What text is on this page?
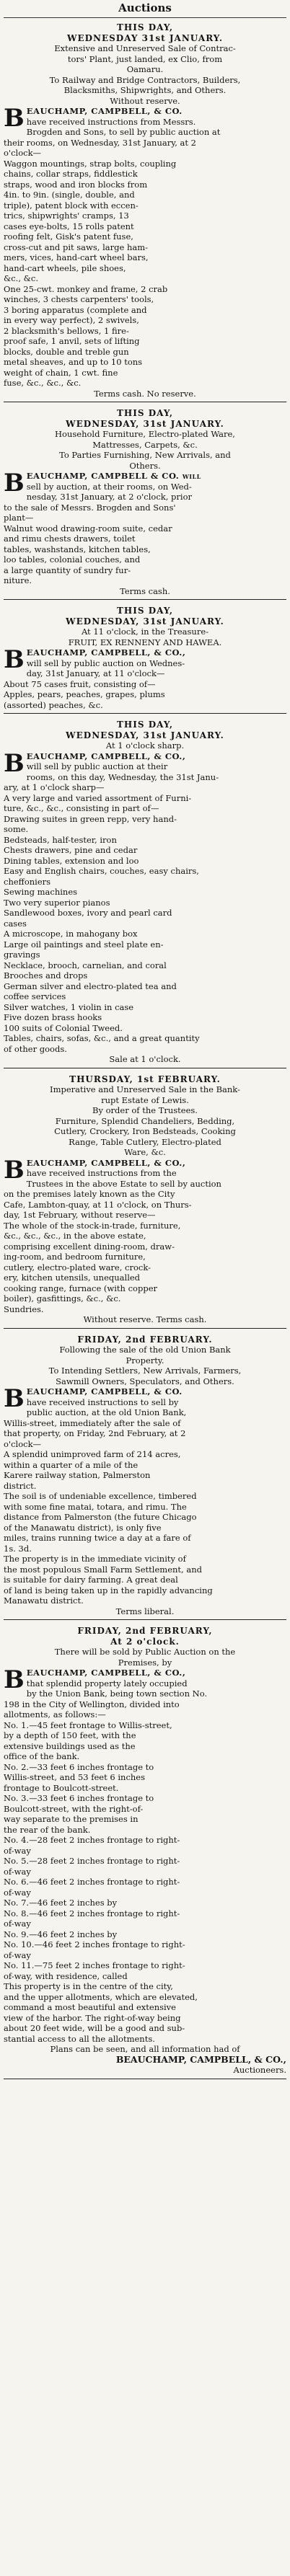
Auctions
THIS DAY,
WEDNESDAY 31st JANUARY.
Extensive and Unreserved Sale of Contrac-
tors' Plant, just landed, ex Clio, from
Oamaru.
To Railway and Bridge Contractors, Builders,
Blacksmiths, Shipwrights, and Others.
Without reserve.
B EAUCHAMP, CAMPBELL, & CO.
have received instructions from Messrs.
Brogden and Sons, to sell by public auction at
their rooms, on Wednesday, 31st January, at 2
o'clock—
Waggon mountings, strap bolts, coupling
chains, collar straps, fiddlestick
straps, wood and iron blocks from
4in. to 9in. (single, double, and
triple), patent block with eccen-
trics, shipwrights' cramps, 13
cases eye-bolts, 15 rolls patent
roofing felt, Gisk's patent fuse,
cross-cut and pit saws, large ham-
mers, vices, hand-cart wheel bars,
hand-cart wheels, pile shoes,
&c., &c.
One 25-cwt. monkey and frame, 2 crab
winches, 3 chests carpenters' tools,
3 boring apparatus (complete and
in every way perfect), 2 swivels,
2 blacksmith's bellows, 1 fire-
proof safe, 1 anvil, sets of lifting
blocks, double and treble gun
metal sheaves, and up to 10 tons
weight of chain, 1 cwt. fine
fuse, &c., &c., &c.
Terms cash. No reserve.
THIS DAY,
WEDNESDAY, 31st JANUARY.
Household Furniture, Electro-plated Ware,
Mattresses, Carpets, &c.
To Parties Furnishing, New Arrivals, and
Others.
B EAUCHAMP, CAMPBELL & CO. will
sell by auction, at their rooms, on Wed-
nesday, 31st January, at 2 o'clock, prior
to the sale of Messrs. Brogden and Sons'
plant—
Walnut wood drawing-room suite, cedar
and rimu chests drawers, toilet
tables, washstands, kitchen tables,
loo tables, colonial couches, and
a large quantity of sundry fur-
niture.
Terms cash.
THIS DAY,
WEDNESDAY, 31st JANUARY.
At 11 o'clock, in the Treasure-
FRUIT, EX RENNENY AND HAWEA.
B EAUCHAMP, CAMPBELL, & CO.,
will sell by public auction on Wednes-
day, 31st January, at 11 o'clock—
About 75 cases fruit, consisting of—
Apples, pears, peaches, grapes, plums
(assorted) peaches, &c.
THIS DAY,
WEDNESDAY, 31st JANUARY.
At 1 o'clock sharp.
B EAUCHAMP, CAMPBELL, & CO.,
will sell by public auction at their
rooms, on this day, Wednesday, the 31st Janu-
ary, at 1 o'clock sharp—
A very large and varied assortment of Furni-
ture, &c., &c., consisting in part of—
Drawing suites in green repp, very hand-
some.
Bedsteads, half-tester, iron
Chests drawers, pine and cedar
Dining tables, extension and loo
Easy and English chairs, couches, easy chairs,
cheffoniers
Sewing machines
Two very superior pianos
Sandlewood boxes, ivory and pearl card
cases
A microscope, in mahogany box
Large oil paintings and steel plate en-
gravings
Necklace, brooch, carnelian, and coral
Brooches and drops
German silver and electro-plated tea and
coffee services
Silver watches, 1 violin in case
Five dozen brass hooks
100 suits of Colonial Tweed.
Tables, chairs, sofas, &c., and a great quantity
of other goods.
Sale at 1 o'clock.
THURSDAY, 1st FEBRUARY.
Imperative and Unreserved Sale in the Bank-
rupt Estate of Lewis.
By order of the Trustees.
Furniture, Splendid Chandeliers, Bedding,
Cutlery, Crockery, Iron Bedsteads, Cooking
Range, Table Cutlery, Electro-plated
Ware, &c.
B EAUCHAMP, CAMPBELL, & CO.,
have received instructions from the
Trustees in the above Estate to sell by auction
on the premises lately known as the City
Cafe, Lambton-quay, at 11 o'clock, on Thurs-
day, 1st February, without reserve—
The whole of the stock-in-trade, furniture,
&c., &c., &c., in the above estate,
comprising excellent dining-room, draw-
ing-room, and bedroom furniture,
cutlery, electro-plated ware, crock-
ery, kitchen utensils, unequalled
cooking range, furnace (with copper
boiler), gasfittings, &c., &c.
Sundries.
Without reserve. Terms cash.
FRIDAY, 2nd FEBRUARY.
Following the sale of the old Union Bank
Property.
To Intending Settlers, New Arrivals, Farmers,
Sawmill Owners, Speculators, and Others.
B EAUCHAMP, CAMPBELL, & CO.
have received instructions to sell by
public auction, at the old Union Bank,
Willis-street, immediately after the sale of
that property, on Friday, 2nd February, at 2
o'clock—
A splendid unimproved farm of 214 acres,
within a quarter of a mile of the
Karere railway station, Palmerston
district.
The soil is of undeniable excellence, timbered
with some fine matai, totara, and rimu. The
distance from Palmerston (the future Chicago
of the Manawatu district), is only five
miles, trains running twice a day at a fare of
1s. 3d.
The property is in the immediate vicinity of
the most populous Small Farm Settlement, and
is suitable for dairy farming. A great deal
of land is being taken up in the rapidly advancing
Manawatu district.
Terms liberal.
FRIDAY, 2nd FEBRUARY,
At 2 o'clock.
There will be sold by Public Auction on the
Premises, by
B EAUCHAMP, CAMPBELL, & CO.,
that splendid property lately occupied
by the Union Bank, being town section No.
198 in the City of Wellington, divided into
allotments, as follows:—
No. 1.—45 feet frontage to Willis-street,
by a depth of 150 feet, with the
extensive buildings used as the
office of the bank.
No. 2.—33 feet 6 inches frontage to
Willis-street, and 53 feet 6 inches
frontage to Boulcott-street.
No. 3.—33 feet 6 inches frontage to
Boulcott-street, with the right-of-
way separate to the premises in
the rear of the bank.
No. 4.—28 feet 2 inches frontage to right-
of-way
No. 5.—28 feet 2 inches frontage to right-
of-way
No. 6.—46 feet 2 inches frontage to right-
of-way
No. 7.—46 feet 2 inches by
No. 8.—46 feet 2 inches frontage to right-
of-way
No. 9.—46 feet 2 inches by
No. 10.—46 feet 2 inches frontage to right-
of-way
No. 11.—75 feet 2 inches frontage to right-
of-way, with residence, called
This property is in the centre of the city,
and the upper allotments, which are elevated,
command a most beautiful and extensive
view of the harbor. The right-of-way being
about 20 feet wide, will be a good and sub-
stantial access to all the allotments.
Plans can be seen, and all information had of
BEAUCHAMP, CAMPBELL, & CO.,
Auctioneers.
